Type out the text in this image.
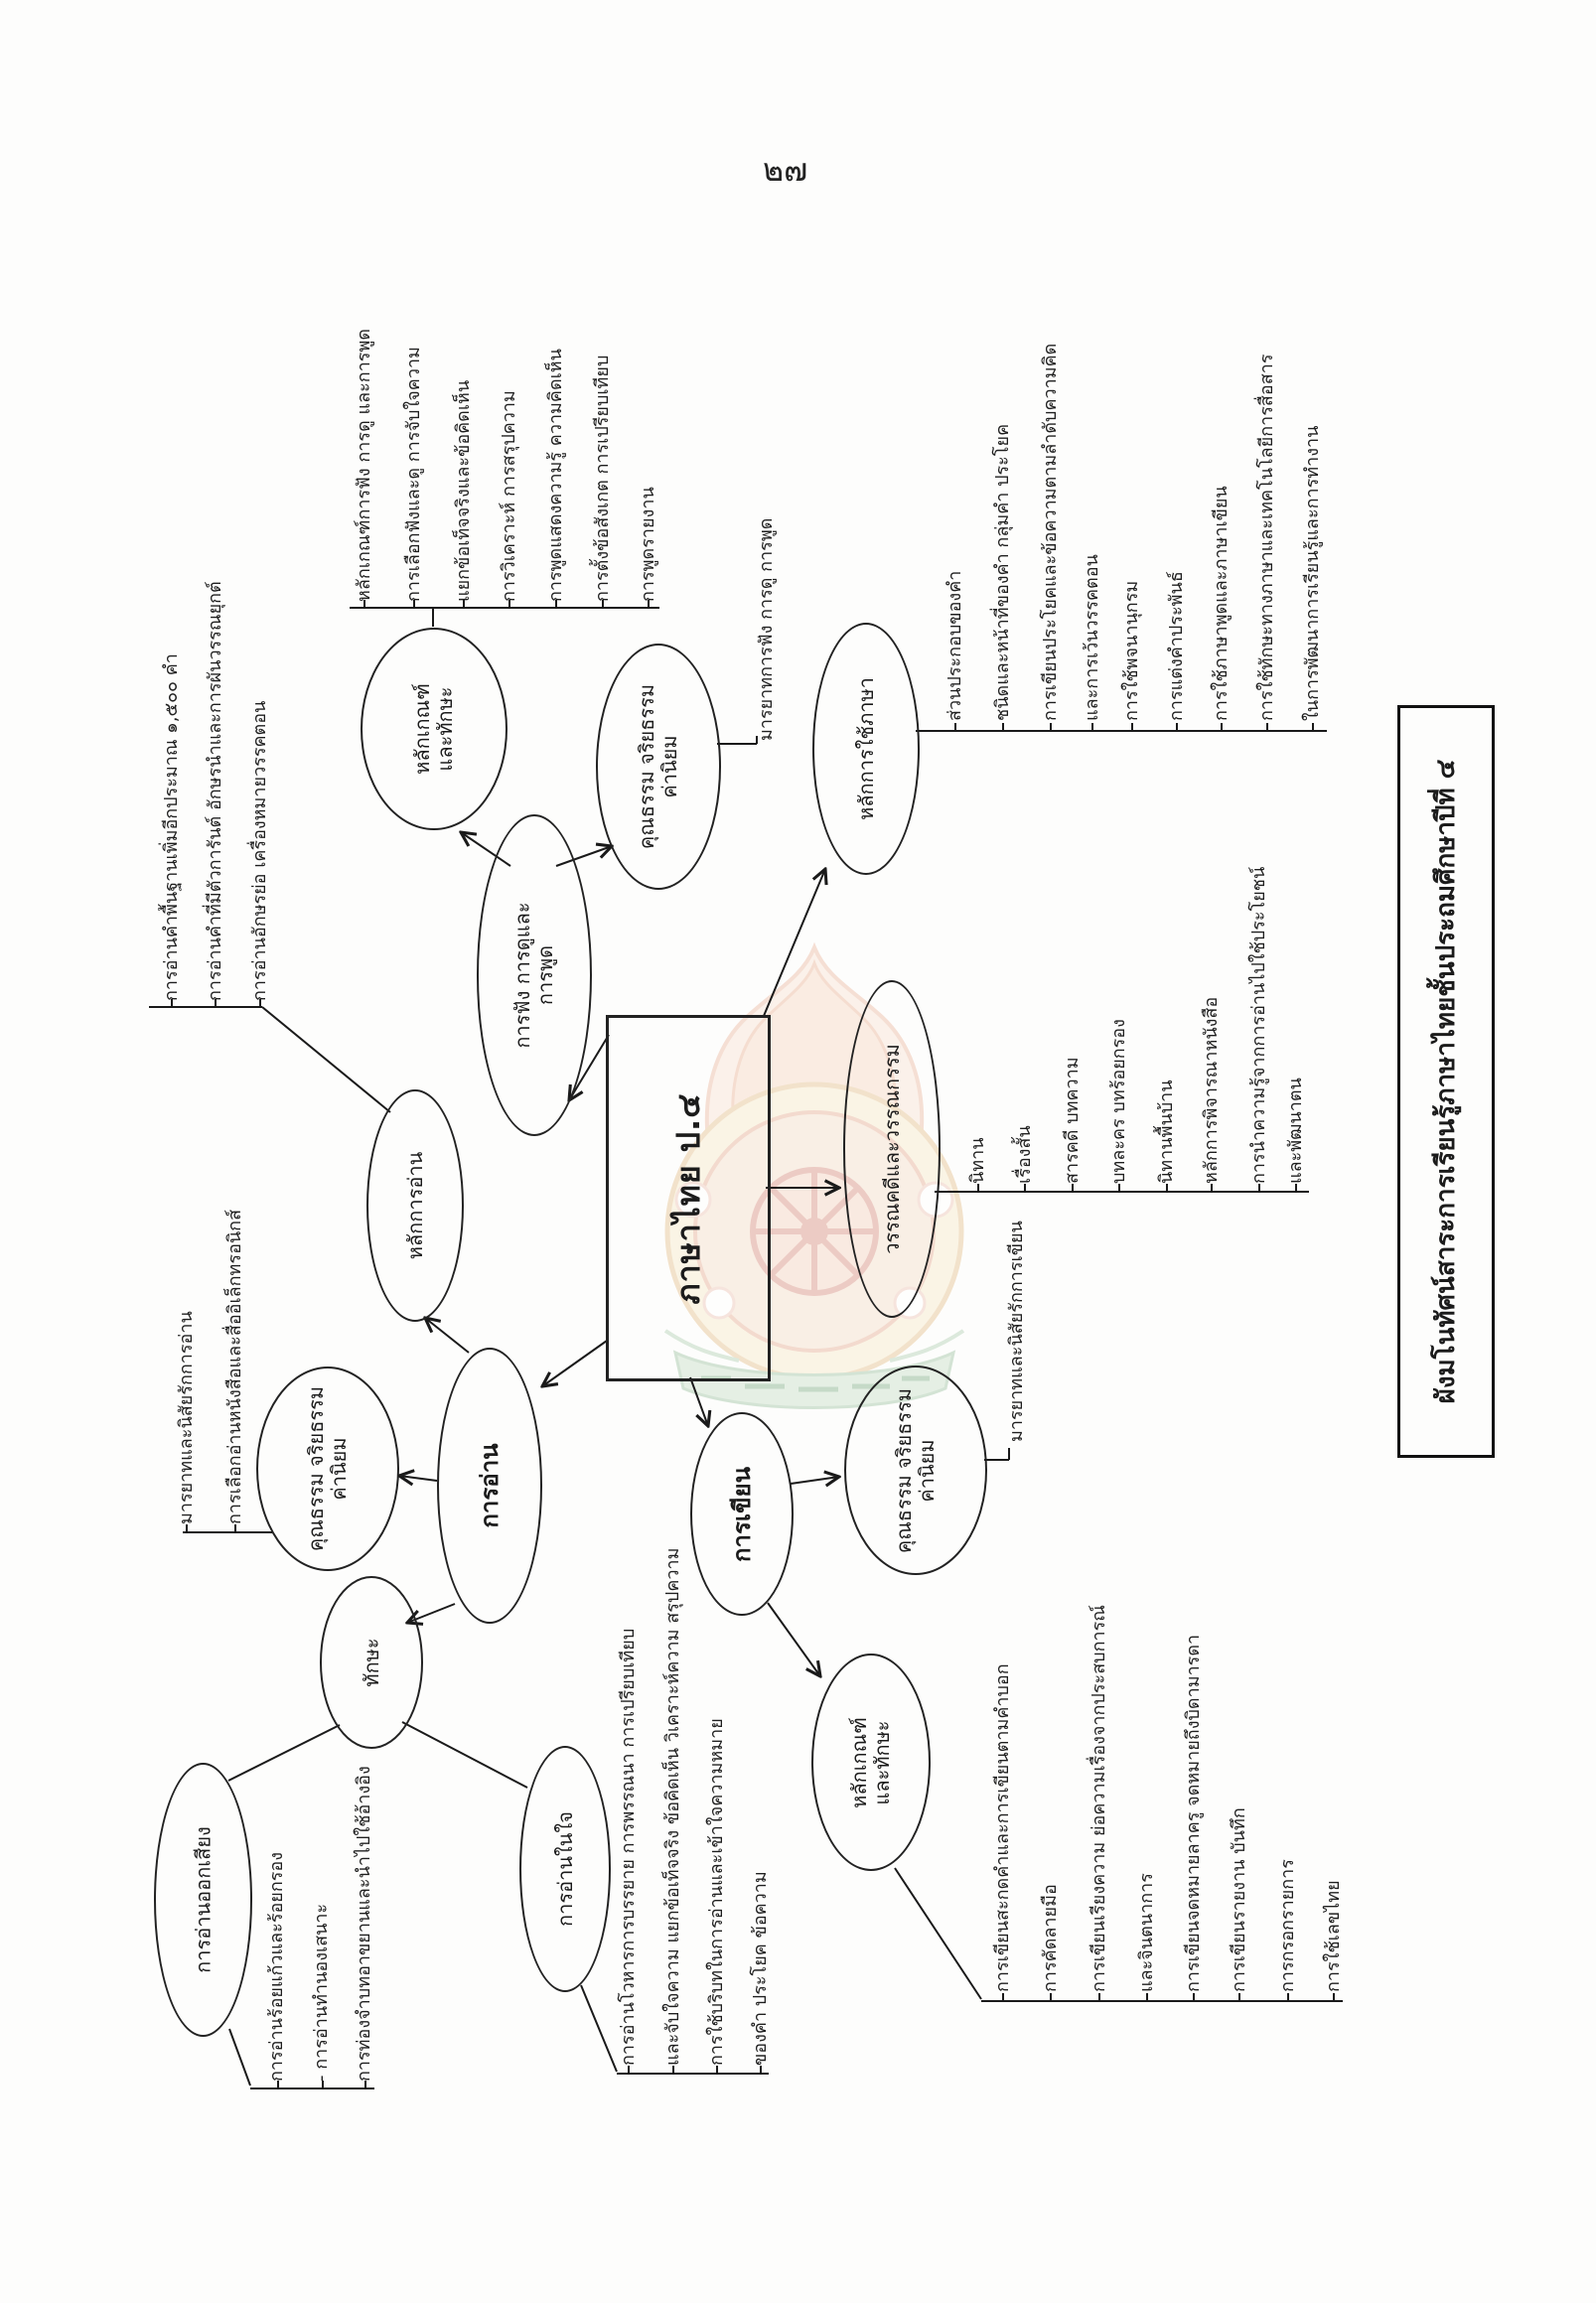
๒๗
ภาษาไทย ป.๔	ผังมโนทัศน์สาระการเรียนรู้ภาษาไทยชั้นประถมศึกษาปีที่ ๔
หลักเกณฑ์ และทักษะ	คุณธรรม จริยธรรม ค่านิยม
การฟัง การดูและ การพูด
หลักการใช้ภาษา
วรรณคดีและวรรณกรรม
หลักการอ่าน
คุณธรรม จริยธรรม ค่านิยม	การอ่าน
ทักษะ
การอ่านออกเสียง	การอ่านในใจ
การเขียน	คุณธรรม จริยธรรม ค่านิยม
หลักเกณฑ์ และทักษะ
หลักเกณฑ์การฟัง การดู และการพูด การเลือกฟังและดู การจับใจความ แยกข้อเท็จจริงและข้อคิดเห็น การวิเคราะห์ การสรุปความ การพูดแสดงความรู้ ความคิดเห็น การตั้งข้อสังเกต การเปรียบเทียบ การพูดรายงาน	มารยาทการฟัง การดู การพูด
การอ่านคำพื้นฐานเพิ่มอีกประมาณ ๑,๕๐๐ คำ การอ่านคำที่มีตัวการันต์ อักษรนำและการผันวรรณยุกต์ การอ่านอักษรย่อ เครื่องหมายวรรคตอน
ส่วนประกอบของคำ ชนิดและหน้าที่ของคำ กลุ่มคำ ประโยค การเขียนประโยคและข้อความตามลำดับความคิด และการเว้นวรรคตอน การใช้พจนานุกรม การแต่งคำประพันธ์ การใช้ภาษาพูดและภาษาเขียน การใช้ทักษะทางภาษาและเทคโนโลยีการสื่อสาร ในการพัฒนาการเรียนรู้และการทำงาน
นิทาน เรื่องสั้น สารคดี บทความ บทละคร บทร้อยกรอง นิทานพื้นบ้าน หลักการพิจารณาหนังสือ การนำความรู้จากการอ่านไปใช้ประโยชน์ และพัฒนาตน
มารยาทและนิสัยรักการอ่าน การเลือกอ่านหนังสือและสื่ออิเล็กทรอนิกส์
การอ่านร้อยแก้วและร้อยกรอง - การอ่านทำนองเสนาะ การท่องจำบทอาขยานและนำไปใช้อ้างอิง	การอ่านโวหารการบรรยาย การพรรณนา การเปรียบเทียบ และจับใจความ แยกข้อเท็จจริง ข้อคิดเห็น วิเคราะห์ความ สรุปความ การใช้บริบทในการอ่านและเข้าใจความหมาย ของคำ ประโยค ข้อความ
มารยาทและนิสัยรักการเขียน
การเขียนสะกดคำและการเขียนตามคำบอก การคัดลายมือ การเขียนเรียงความ ย่อความเรื่องจากประสบการณ์ และจินตนาการ การเขียนจดหมายลาครู จดหมายถึงบิดามารดา การเขียนรายงาน บันทึก การกรอกรายการ การใช้เลขไทย
